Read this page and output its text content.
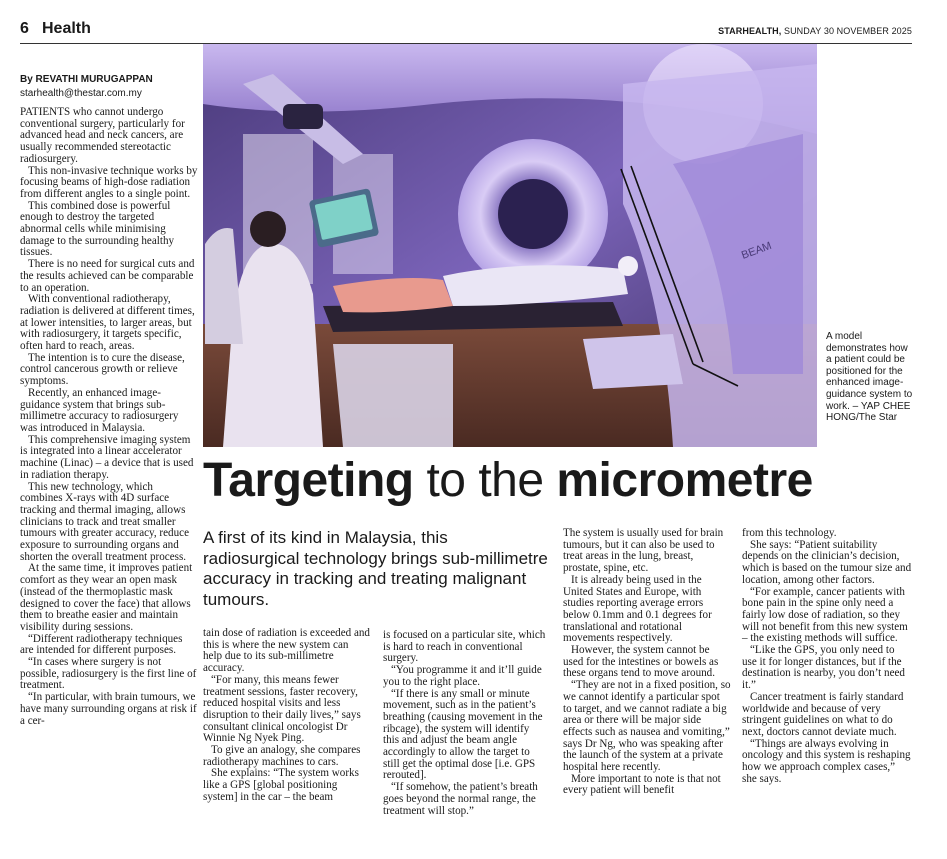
6 Health	STARHEALTH, SUNDAY 30 NOVEMBER 2025
By REVATHI MURUGAPPAN
starhealth@thestar.com.my

PATIENTS who cannot undergo conventional surgery, particularly for advanced head and neck cancers, are usually recommended stereotactic radiosurgery.

This non-invasive technique works by focusing beams of high-dose radiation from different angles to a single point.

This combined dose is powerful enough to destroy the targeted abnormal cells while minimising damage to the surrounding healthy tissues.

There is no need for surgical cuts and the results achieved can be comparable to an operation.

With conventional radiotherapy, radiation is delivered at different times, at lower intensities, to larger areas, but with radiosurgery, it targets specific, often hard to reach, areas.

The intention is to cure the disease, control cancerous growth or relieve symptoms.

Recently, an enhanced image-guidance system that brings sub-millimetre accuracy to radiosurgery was introduced in Malaysia.

This comprehensive imaging system is integrated into a linear accelerator machine (Linac) – a device that is used in radiation therapy.

This new technology, which combines X-rays with 4D surface tracking and thermal imaging, allows clinicians to track and treat smaller tumours with greater accuracy, reduce exposure to surrounding organs and shorten the overall treatment process.

At the same time, it improves patient comfort as they wear an open mask (instead of the thermoplastic mask designed to cover the face) that allows them to breathe easier and maintain visibility during sessions.

“Different radiotherapy techniques are intended for different purposes.

“In cases where surgery is not possible, radiosurgery is the first line of treatment.

“In particular, with brain tumours, we have many surrounding organs at risk if a cer-

BEAM
A model demonstrates how a patient could be positioned for the enhanced image-guidance system to work. – YAP CHEE HONG/The Star
Targeting to the micrometre
A first of its kind in Malaysia, this radiosurgical technology brings sub-millimetre accuracy in tracking and treating malignant tumours.

tain dose of radiation is exceeded and this is where the new system can help due to its sub-millimetre accuracy.

“For many, this means fewer treatment sessions, faster recovery, reduced hospital visits and less disruption to their daily lives,” says consultant clinical oncologist Dr Winnie Ng Nyek Ping.

To give an analogy, she compares radiotherapy machines to cars.

She explains: “The system works like a GPS [global positioning system] in the car – the beam

is focused on a particular site, which is hard to reach in conventional surgery.

“You programme it and it’ll guide you to the right place.

“If there is any small or minute movement, such as in the patient’s breathing (causing movement in the ribcage), the system will identify this and adjust the beam angle accordingly to allow the target to still get the optimal dose [i.e. GPS rerouted].

“If somehow, the patient’s breath goes beyond the normal range, the treatment will stop.”

The system is usually used for brain tumours, but it can also be used to treat areas in the lung, breast, prostate, spine, etc.

It is already being used in the United States and Europe, with studies reporting average errors below 0.1mm and 0.1 degrees for translational and rotational movements respectively.

However, the system cannot be used for the intestines or bowels as these organs tend to move around.

“They are not in a fixed position, so we cannot identify a particular spot to target, and we cannot radiate a big area or there will be major side effects such as nausea and vomiting,” says Dr Ng, who was speaking after the launch of the system at a private hospital here recently.

More important to note is that not every patient will benefit

from this technology.

She says: “Patient suitability depends on the clinician’s decision, which is based on the tumour size and location, among other factors.

“For example, cancer patients with bone pain in the spine only need a fairly low dose of radiation, so they will not benefit from this new system – the existing methods will suffice.

“Like the GPS, you only need to use it for longer distances, but if the destination is nearby, you don’t need it.”

Cancer treatment is fairly standard worldwide and because of very stringent guidelines on what to do next, doctors cannot deviate much.

“Things are always evolving in oncology and this system is reshaping how we approach complex cases,” she says.
